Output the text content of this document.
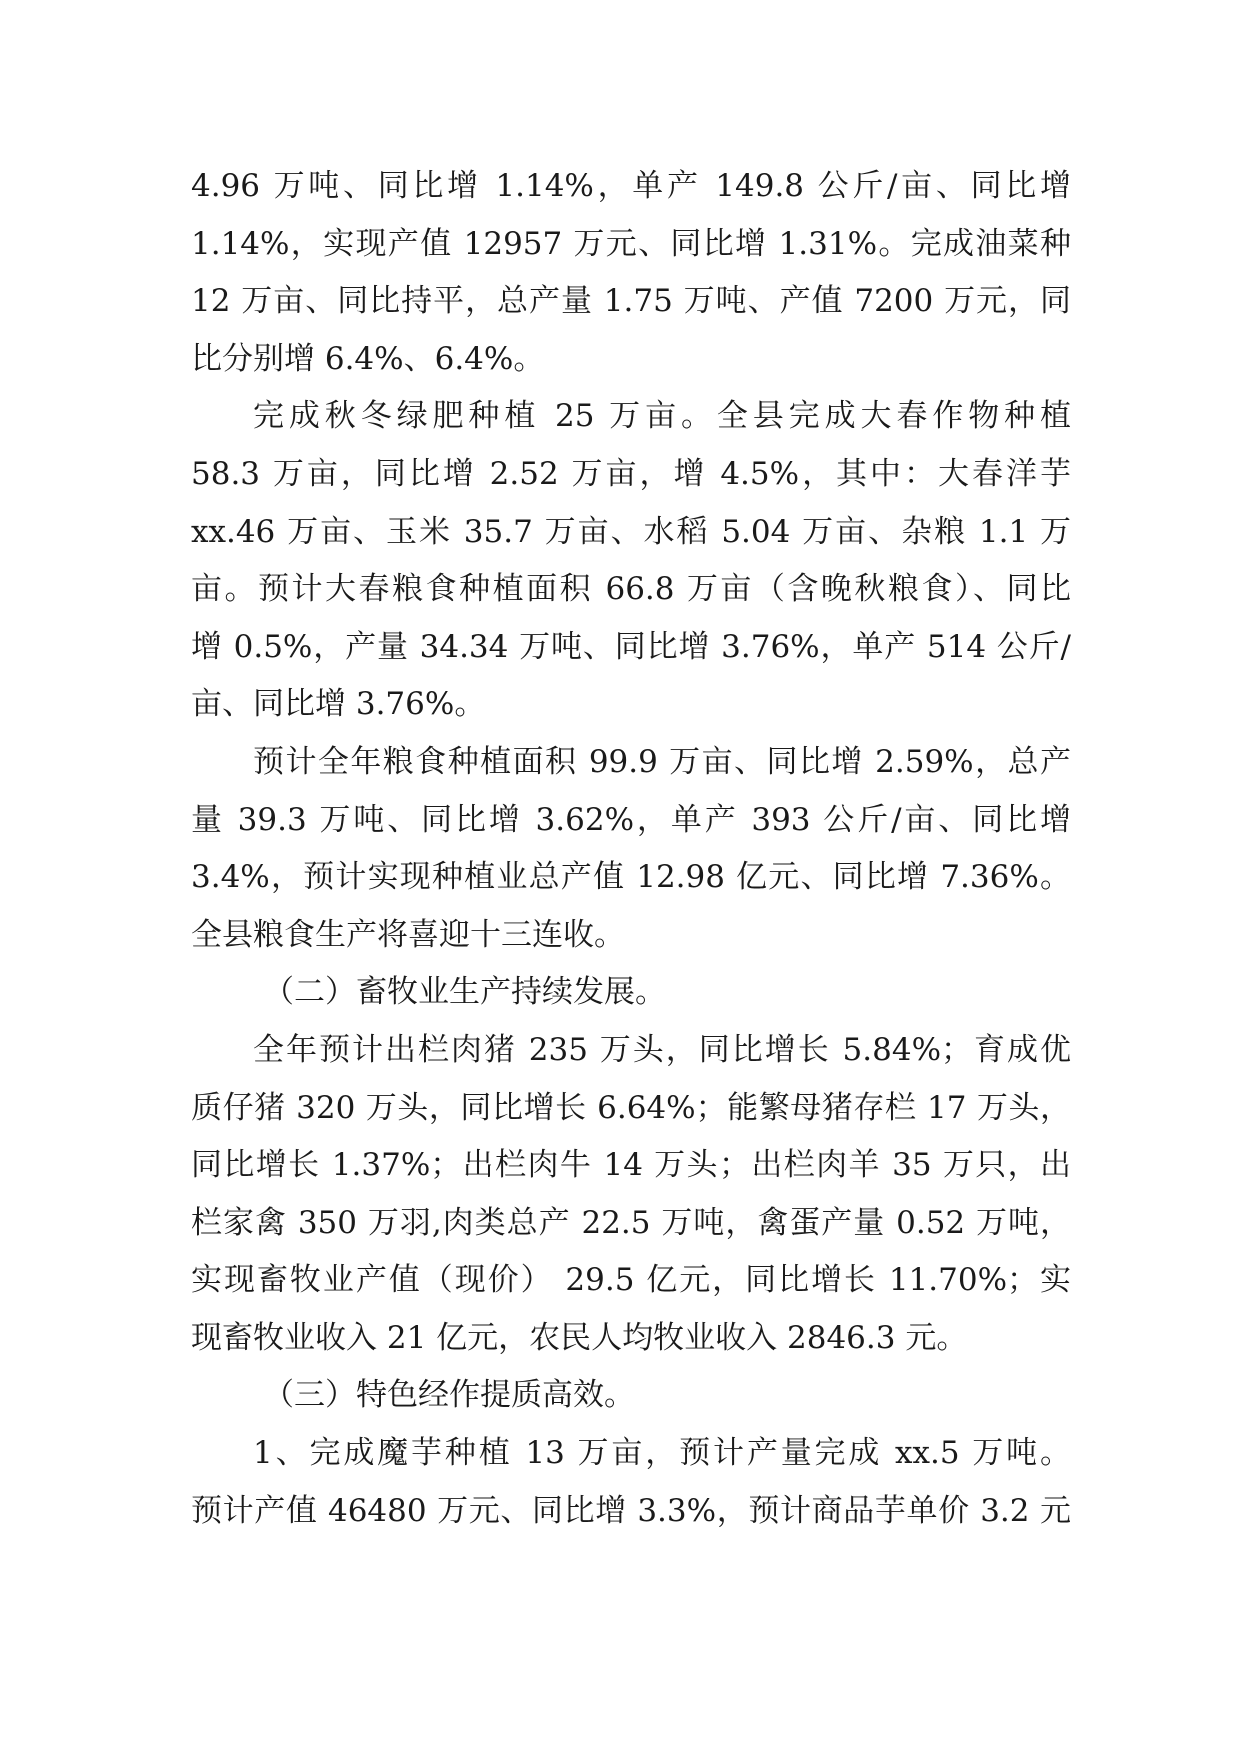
4.96 万吨、同比增 1.14%，单产 149.8 公斤/亩、同比增
1.14%，实现产值 12957 万元、同比增 1.31%。完成油菜种
12 万亩、同比持平，总产量 1.75 万吨、产值 7200 万元，同
比分别增 6.4%、6.4%。
完成秋冬绿肥种植 25 万亩。全县完成大春作物种植
58.3 万亩，同比增 2.52 万亩，增 4.5%，其中：大春洋芋
xx.46 万亩、玉米 35.7 万亩、水稻 5.04 万亩、杂粮 1.1 万
亩。预计大春粮食种植面积 66.8 万亩（含晚秋粮食）、同比
增 0.5%，产量 34.34 万吨、同比增 3.76%，单产 514 公斤/
亩、同比增 3.76%。
预计全年粮食种植面积 99.9 万亩、同比增 2.59%，总产
量 39.3 万吨、同比增 3.62%，单产 393 公斤/亩、同比增
3.4%，预计实现种植业总产值 12.98 亿元、同比增 7.36%。
全县粮食生产将喜迎十三连收。
（二）畜牧业生产持续发展。
全年预计出栏肉猪 235 万头，同比增长 5.84%；育成优
质仔猪 320 万头，同比增长 6.64%；能繁母猪存栏 17 万头，
同比增长 1.37%；出栏肉牛 14 万头；出栏肉羊 35 万只，出
栏家禽 350 万羽,肉类总产 22.5 万吨，禽蛋产量 0.52 万吨，
实现畜牧业产值（现价） 29.5 亿元，同比增长 11.70%；实
现畜牧业收入 21 亿元，农民人均牧业收入 2846.3 元。
（三）特色经作提质高效。
1、完成魔芋种植 13 万亩，预计产量完成 xx.5 万吨。
预计产值 46480 万元、同比增 3.3%，预计商品芋单价 3.2 元
